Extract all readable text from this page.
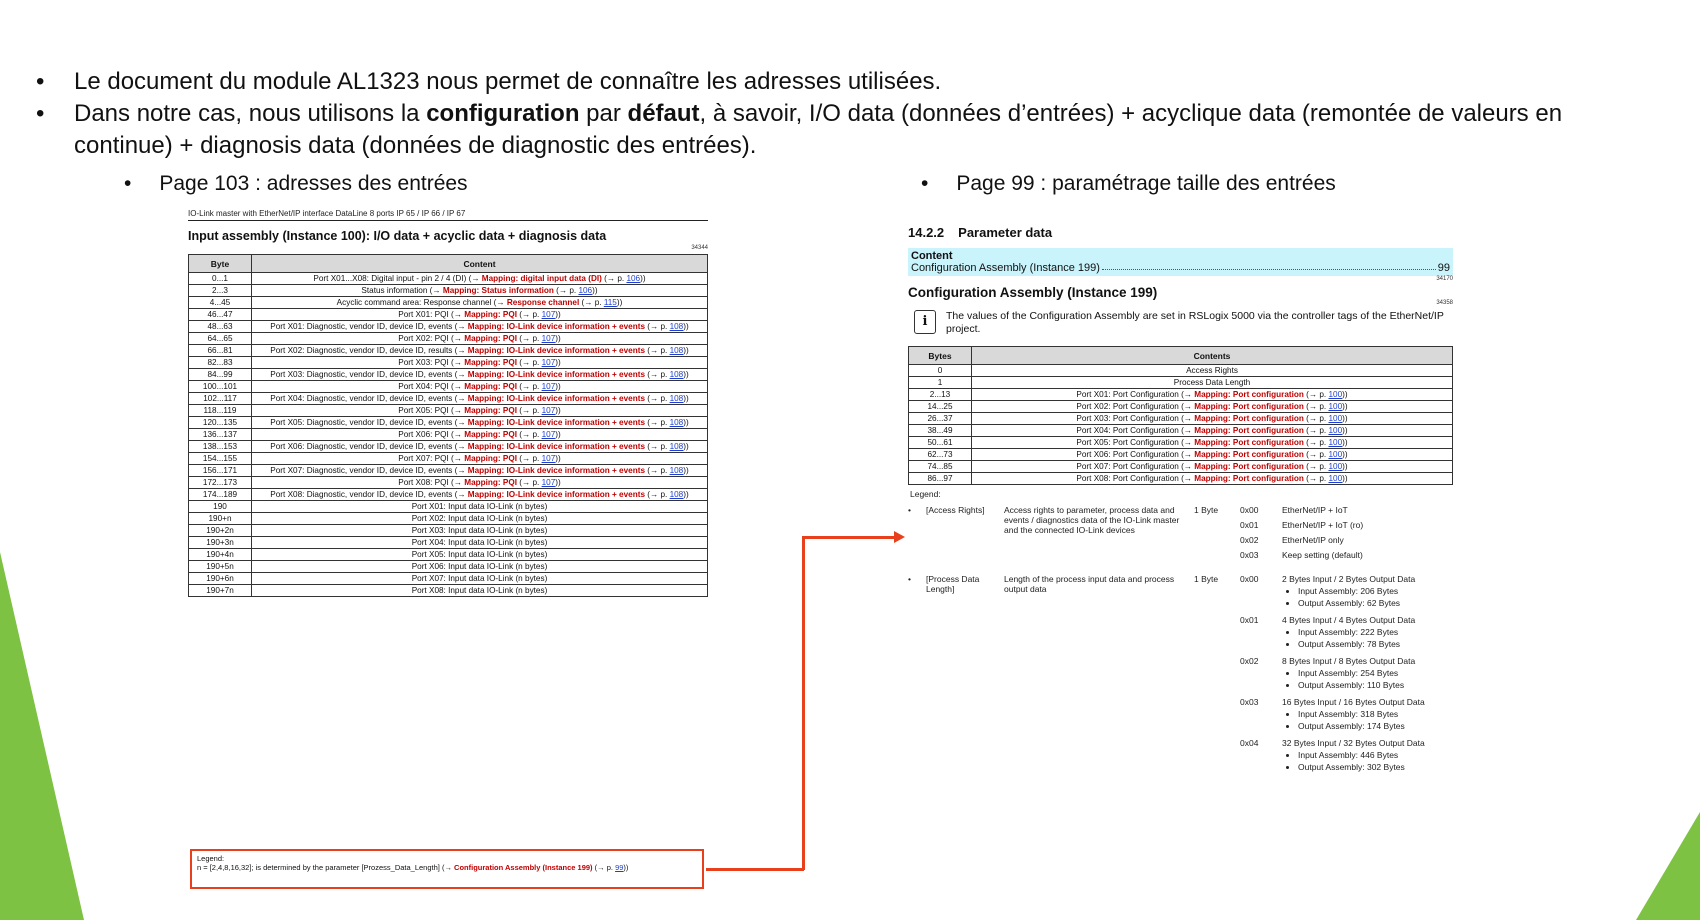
• Le document du module AL1323 nous permet de connaître les adresses utilisées.
• Dans notre cas, nous utilisons la configuration par défaut, à savoir, I/O data (données d’entrées) + acyclique data (remontée de valeurs en continue) + diagnosis data (données de diagnostic des entrées).
• Page 103 : adresses des entrées	• Page 99 : paramétrage taille des entrées
IO-Link master with EtherNet/IP interface DataLine 8 ports IP 65 / IP 66 / IP 67
Input assembly (Instance 100): I/O data + acyclic data + diagnosis data
34344
Byte	Content
0...1	Port X01...X08: Digital input - pin 2 / 4 (DI) (→ Mapping: digital input data (DI) (→ p. 106))
2...3	Status information (→ Mapping: Status information (→ p. 106))
4...45	Acyclic command area: Response channel (→ Response channel (→ p. 115))
46...47	Port X01: PQI (→ Mapping: PQI (→ p. 107))
48...63	Port X01: Diagnostic, vendor ID, device ID, events (→ Mapping: IO-Link device information + events (→ p. 108))
64...65	Port X02: PQI (→ Mapping: PQI (→ p. 107))
66...81	Port X02: Diagnostic, vendor ID, device ID, results (→ Mapping: IO-Link device information + events (→ p. 108))
82...83	Port X03: PQI (→ Mapping: PQI (→ p. 107))
84...99	Port X03: Diagnostic, vendor ID, device ID, events (→ Mapping: IO-Link device information + events (→ p. 108))
100...101	Port X04: PQI (→ Mapping: PQI (→ p. 107))
102...117	Port X04: Diagnostic, vendor ID, device ID, events (→ Mapping: IO-Link device information + events (→ p. 108))
118...119	Port X05: PQI (→ Mapping: PQI (→ p. 107))
120...135	Port X05: Diagnostic, vendor ID, device ID, events (→ Mapping: IO-Link device information + events (→ p. 108))
136...137	Port X06: PQI (→ Mapping: PQI (→ p. 107))
138...153	Port X06: Diagnostic, vendor ID, device ID, events (→ Mapping: IO-Link device information + events (→ p. 108))
154...155	Port X07: PQI (→ Mapping: PQI (→ p. 107))
156...171	Port X07: Diagnostic, vendor ID, device ID, events (→ Mapping: IO-Link device information + events (→ p. 108))
172...173	Port X08: PQI (→ Mapping: PQI (→ p. 107))
174...189	Port X08: Diagnostic, vendor ID, device ID, events (→ Mapping: IO-Link device information + events (→ p. 108))
190	Port X01: Input data IO-Link (n bytes)
190+n	Port X02: Input data IO-Link (n bytes)
190+2n	Port X03: Input data IO-Link (n bytes)
190+3n	Port X04: Input data IO-Link (n bytes)
190+4n	Port X05: Input data IO-Link (n bytes)
190+5n	Port X06: Input data IO-Link (n bytes)
190+6n	Port X07: Input data IO-Link (n bytes)
190+7n	Port X08: Input data IO-Link (n bytes)
Legend:
n = [2,4,8,16,32]; is determined by the parameter [Prozess_Data_Length] (→ Configuration Assembly (Instance 199) (→ p. 99))
14.2.2 Parameter data
Content
Configuration Assembly (Instance 199)	99
34170
Configuration Assembly (Instance 199)
34358
i	The values of the Configuration Assembly are set in RSLogix 5000 via the controller tags of the EtherNet/IP project.
Bytes	Contents
0	Access Rights
1	Process Data Length
2...13	Port X01: Port Configuration (→ Mapping: Port configuration (→ p. 100))
14...25	Port X02: Port Configuration (→ Mapping: Port configuration (→ p. 100))
26...37	Port X03: Port Configuration (→ Mapping: Port configuration (→ p. 100))
38...49	Port X04: Port Configuration (→ Mapping: Port configuration (→ p. 100))
50...61	Port X05: Port Configuration (→ Mapping: Port configuration (→ p. 100))
62...73	Port X06: Port Configuration (→ Mapping: Port configuration (→ p. 100))
74...85	Port X07: Port Configuration (→ Mapping: Port configuration (→ p. 100))
86...97	Port X08: Port Configuration (→ Mapping: Port configuration (→ p. 100))
Legend:
•	[Access Rights]	Access rights to parameter, process data and events / diagnostics data of the IO-Link master and the connected IO-Link devices
1 Byte	0x00	EtherNet/IP + IoT
0x01	EtherNet/IP + IoT (ro)
0x02	EtherNet/IP only
0x03	Keep setting (default)
•	[Process Data Length]
Length of the process input data and process output data
1 Byte	0x00	2 Bytes Input / 2 Bytes Output Data
• Input Assembly: 206 Bytes
• Output Assembly: 62 Bytes
0x01	4 Bytes Input / 4 Bytes Output Data
• Input Assembly: 222 Bytes
• Output Assembly: 78 Bytes
0x02	8 Bytes Input / 8 Bytes Output Data
• Input Assembly: 254 Bytes
• Output Assembly: 110 Bytes
0x03	16 Bytes Input / 16 Bytes Output Data
• Input Assembly: 318 Bytes
• Output Assembly: 174 Bytes
0x04	32 Bytes Input / 32 Bytes Output Data
• Input Assembly: 446 Bytes
• Output Assembly: 302 Bytes
